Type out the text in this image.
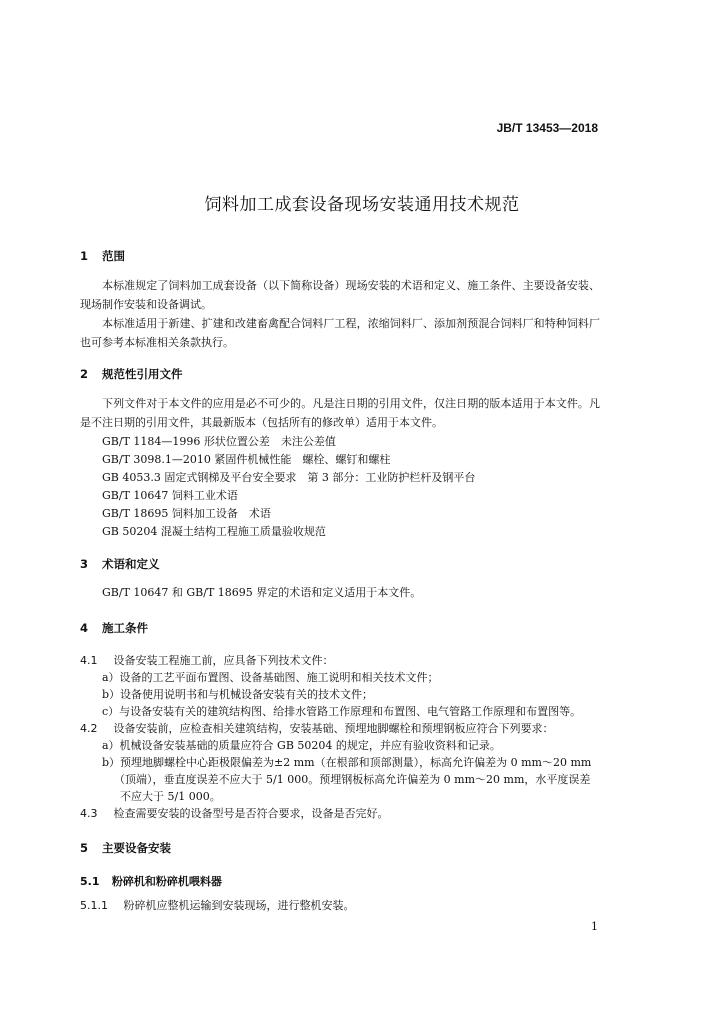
JB/T 13453—2018
饲料加工成套设备现场安装通用技术规范
1 范围
本标准规定了饲料加工成套设备（以下简称设备）现场安装的术语和定义、施工条件、主要设备安装、现场制作安装和设备调试。
本标准适用于新建、扩建和改建畜禽配合饲料厂工程，浓缩饲料厂、添加剂预混合饲料厂和特种饲料厂也可参考本标准相关条款执行。
2 规范性引用文件
下列文件对于本文件的应用是必不可少的。凡是注日期的引用文件，仅注日期的版本适用于本文件。凡是不注日期的引用文件，其最新版本（包括所有的修改单）适用于本文件。
GB/T 1184—1996 形状位置公差　未注公差值
GB/T 3098.1—2010 紧固件机械性能　螺栓、螺钉和螺柱
GB 4053.3 固定式钢梯及平台安全要求　第 3 部分：工业防护栏杆及钢平台
GB/T 10647 饲料工业术语
GB/T 18695 饲料加工设备　术语
GB 50204 混凝土结构工程施工质量验收规范
3 术语和定义
GB/T 10647 和 GB/T 18695 界定的术语和定义适用于本文件。
4 施工条件
4.1 设备安装工程施工前，应具备下列技术文件：
a）设备的工艺平面布置图、设备基础图、施工说明和相关技术文件；
b）设备使用说明书和与机械设备安装有关的技术文件；
c）与设备安装有关的建筑结构图、给排水管路工作原理和布置图、电气管路工作原理和布置图等。
4.2 设备安装前，应检查相关建筑结构，安装基础、预埋地脚螺栓和预埋钢板应符合下列要求：
a）机械设备安装基础的质量应符合 GB 50204 的规定，并应有验收资料和记录。
b）预埋地脚螺栓中心距极限偏差为±2 mm（在根部和顶部测量），标高允许偏差为 0 mm～20 mm
（顶端），垂直度误差不应大于 5/1 000。预埋钢板标高允许偏差为 0 mm～20 mm，水平度误差
不应大于 5/1 000。
4.3 检查需要安装的设备型号是否符合要求，设备是否完好。
5 主要设备安装
5.1 粉碎机和粉碎机喂料器
5.1.1 粉碎机应整机运输到安装现场，进行整机安装。
1
